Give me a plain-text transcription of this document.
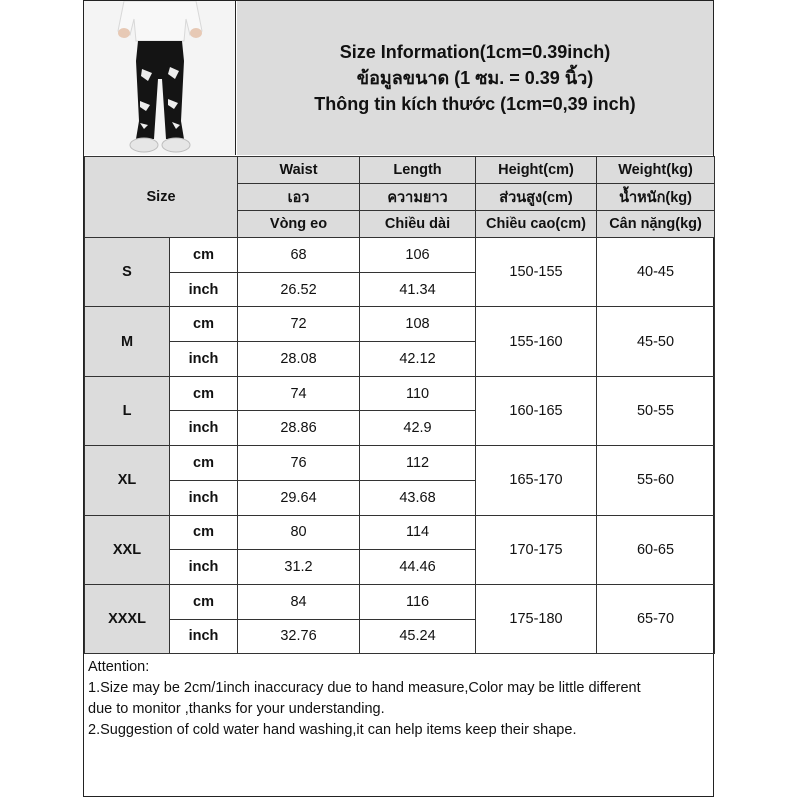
Size Information(1cm=0.39inch)
ข้อมูลขนาด (1 ซม. = 0.39 นิ้ว)
Thông tin kích thước (1cm=0,39 inch)
Size		Waist	Length	Height(cm)	Weight(kg)
		เอว	ความยาว	ส่วนสูง(cm)	น้ำหนัก(kg)
		Vòng eo	Chiều dài	Chiều cao(cm)	Cân nặng(kg)
S	cm	68	106	150-155	40-45
	inch	26.52	41.34		
M	cm	72	108	155-160	45-50
	inch	28.08	42.12		
L	cm	74	110	160-165	50-55
	inch	28.86	42.9		
XL	cm	76	112	165-170	55-60
	inch	29.64	43.68		
XXL	cm	80	114	170-175	60-65
	inch	31.2	44.46		
XXXL	cm	84	116	175-180	65-70
	inch	32.76	45.24		
Attention:
1.Size may be 2cm/1inch inaccuracy due to hand measure,Color may be little different
due to monitor ,thanks for your understanding.
2.Suggestion of cold water hand washing,it can help items keep their shape.
